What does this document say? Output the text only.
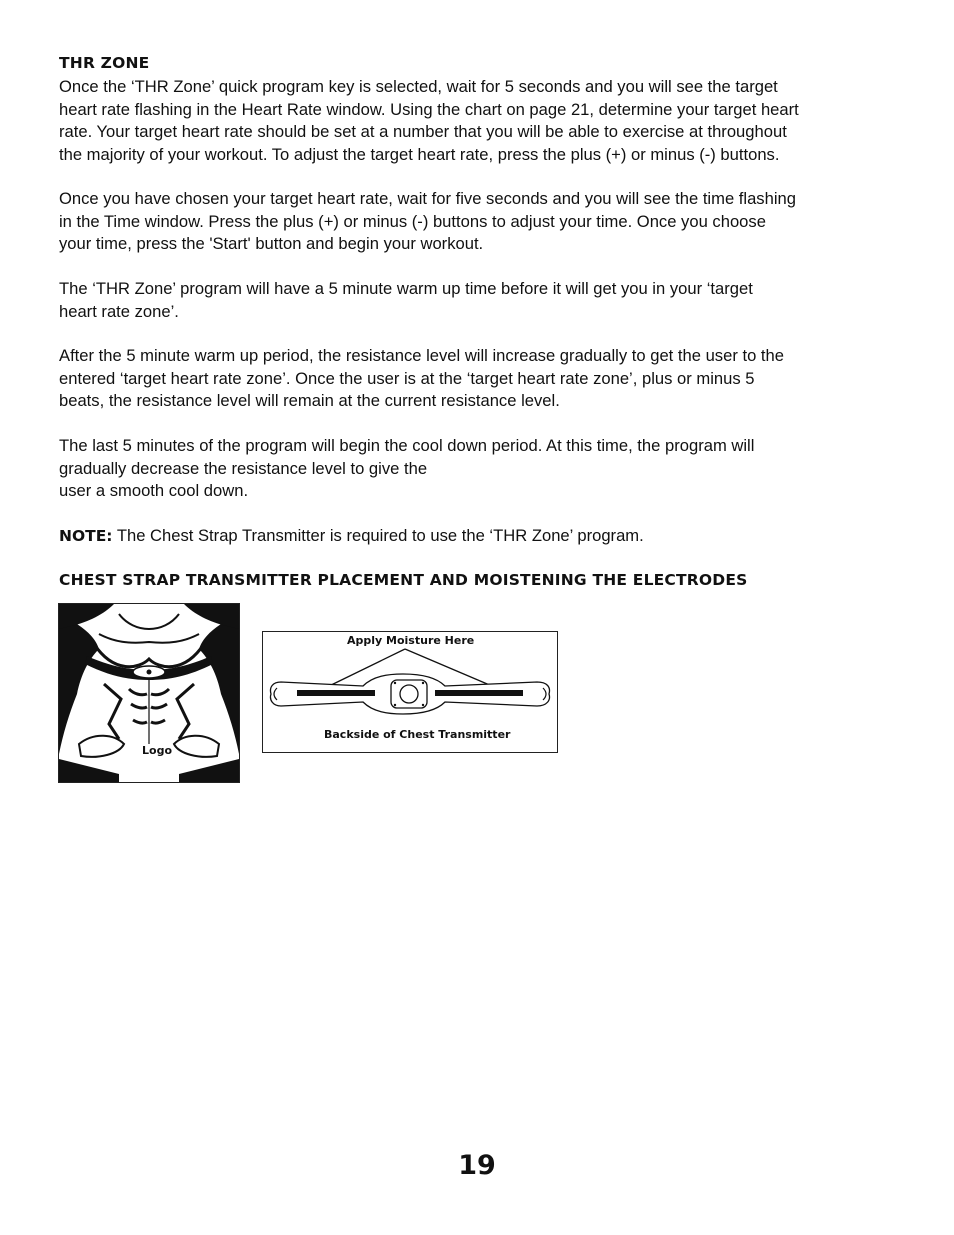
THR ZONE

Once the ‘THR Zone’ quick program key is selected, wait for 5 seconds and you will see the target
heart rate flashing in the Heart Rate window. Using the chart on page 21, determine your target heart
rate. Your target heart rate should be set at a number that you will be able to exercise at throughout
the majority of your workout. To adjust the target heart rate, press the plus (+) or minus (-) buttons.

Once you have chosen your target heart rate, wait for five seconds and you will see the time flashing
in the Time window. Press the plus (+) or minus (-) buttons to adjust your time. Once you choose
your time, press the 'Start' button and begin your workout.

The ‘THR Zone’ program will have a 5 minute warm up time before it will get you in your ‘target
heart rate zone’.

After the 5 minute warm up period, the resistance level will increase gradually to get the user to the
entered ‘target heart rate zone’. Once the user is at the ‘target heart rate zone’, plus or minus 5
beats, the resistance level will remain at the current resistance level.

The last 5 minutes of the program will begin the cool down period. At this time, the program will
gradually decrease the resistance level to give the
user a smooth cool down.

NOTE: The Chest Strap Transmitter is required to use the ‘THR Zone’ program.

CHEST STRAP TRANSMITTER PLACEMENT AND MOISTENING THE ELECTRODES
Logo
Apply Moisture Here
Backside of Chest Transmitter
19
